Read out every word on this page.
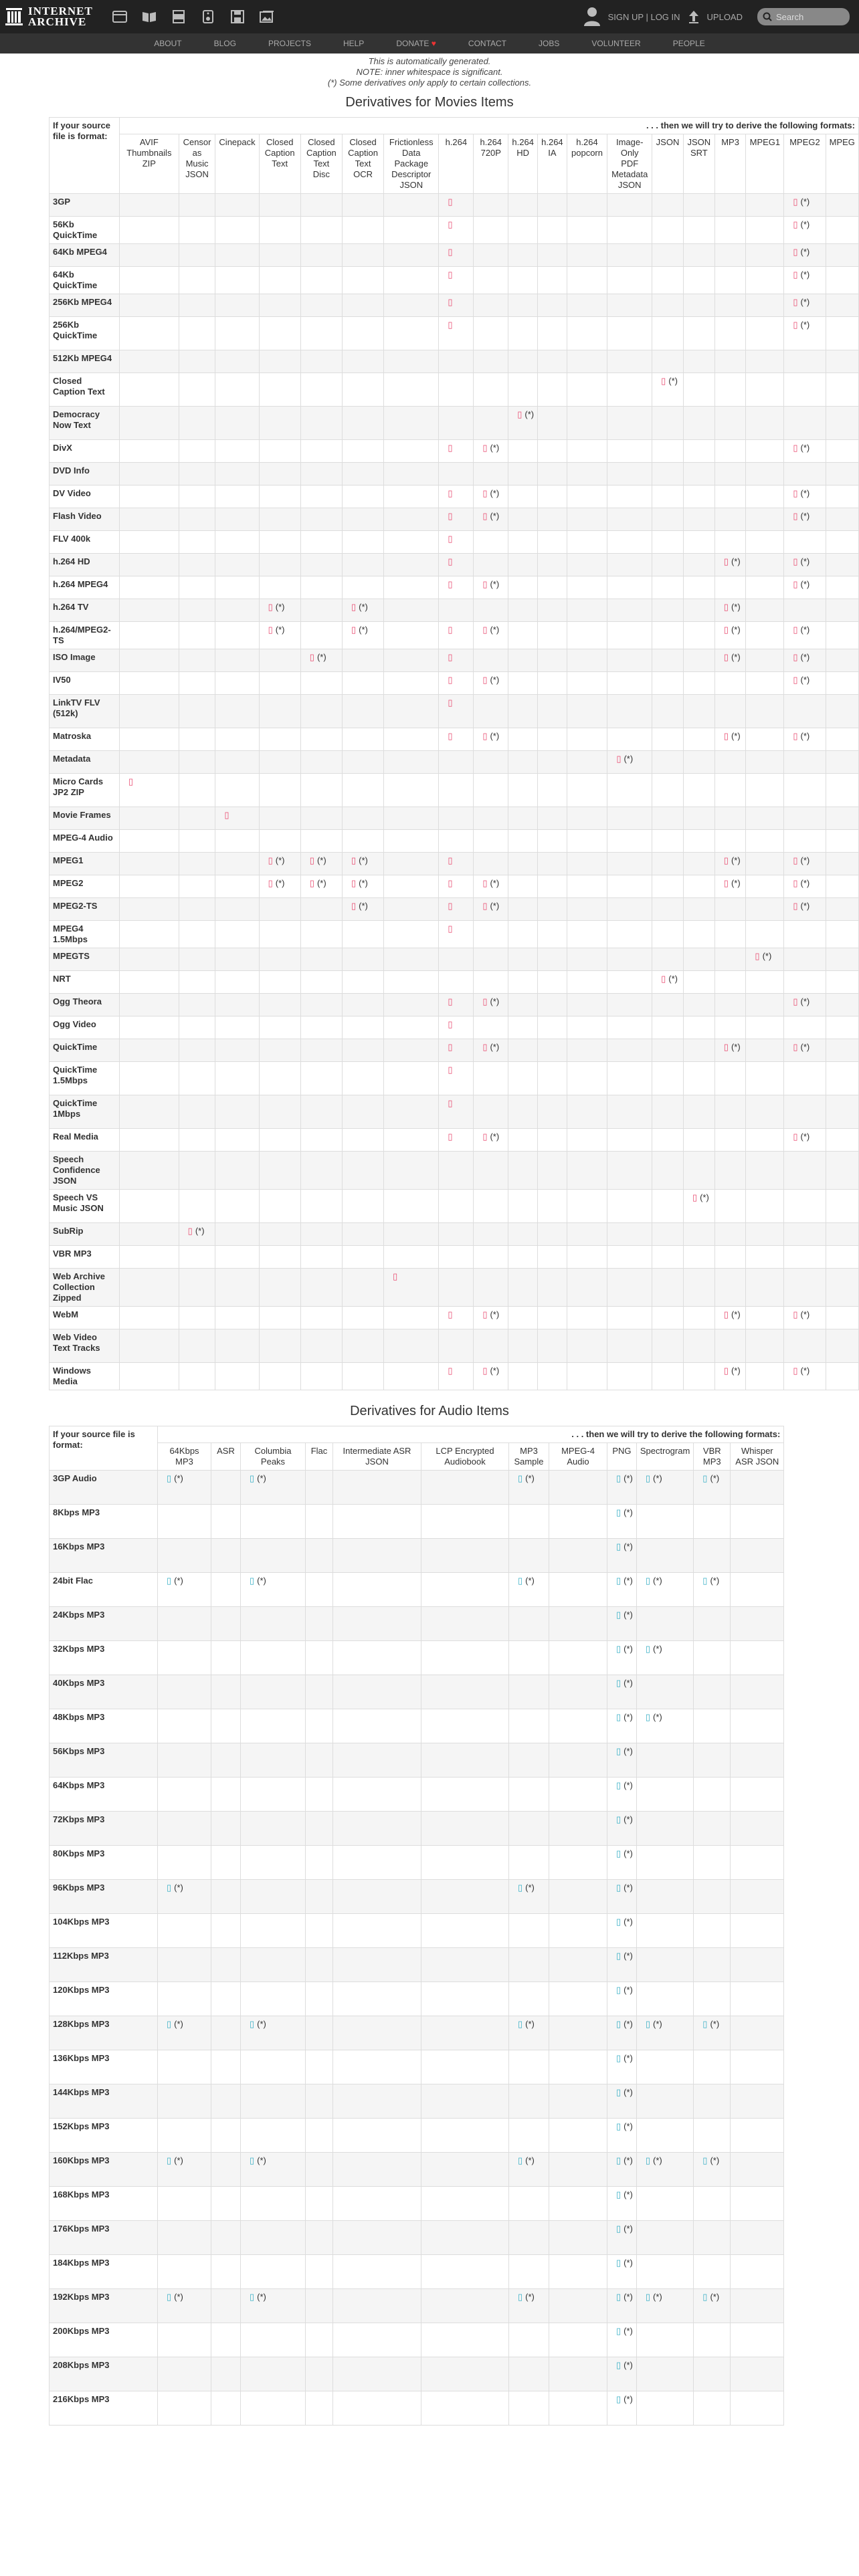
INTERNET
ARCHIVE	SIGN UP | LOG IN	UPLOAD	Search
ABOUT	BLOG	PROJECTS	HELP	DONATE ♥	CONTACT	JOBS	VOLUNTEER	PEOPLE
This is automatically generated.
NOTE: inner whitespace is significant.
(*) Some derivatives only apply to certain collections.
Derivatives for Movies Items
If your source file is format:	. . . then we will try to derive the following formats:																		
	AVIF Thumbnails ZIP	Censor as Music JSON	Cinepack	Closed Caption Text	Closed Caption Text Disc	Closed Caption Text OCR	Frictionless Data Package Descriptor JSON	h.264	h.264 720P	h.264 HD	h.264 IA	h.264 popcorn	Image-Only PDF Metadata JSON	JSON	JSON SRT	MP3	MPEG1	MPEG2	MPEG
3GP								▯										▯ (*)	
56Kb QuickTime								▯										▯ (*)	
64Kb MPEG4								▯										▯ (*)	
64Kb QuickTime								▯										▯ (*)	
256Kb MPEG4								▯										▯ (*)	
256Kb QuickTime								▯										▯ (*)	
512Kb MPEG4																			
Closed Caption Text														▯ (*)					
Democracy Now Text										▯ (*)									
DivX								▯	▯ (*)									▯ (*)	
DVD Info																			
DV Video								▯	▯ (*)									▯ (*)	
Flash Video								▯	▯ (*)									▯ (*)	
FLV 400k								▯											
h.264 HD								▯								▯ (*)		▯ (*)	
h.264 MPEG4								▯	▯ (*)									▯ (*)	
h.264 TV				▯ (*)		▯ (*)										▯ (*)			
h.264/MPEG2-TS				▯ (*)		▯ (*)		▯	▯ (*)							▯ (*)		▯ (*)	
ISO Image					▯ (*)			▯								▯ (*)		▯ (*)	
IV50								▯	▯ (*)									▯ (*)	
LinkTV FLV (512k)								▯											
Matroska								▯	▯ (*)							▯ (*)		▯ (*)	
Metadata													▯ (*)						
Micro Cards JP2 ZIP	▯																		
Movie Frames			▯																
MPEG-4 Audio																			
MPEG1				▯ (*)	▯ (*)	▯ (*)		▯								▯ (*)		▯ (*)	
MPEG2				▯ (*)	▯ (*)	▯ (*)		▯	▯ (*)							▯ (*)		▯ (*)	
MPEG2-TS						▯ (*)		▯	▯ (*)									▯ (*)	
MPEG4 1.5Mbps								▯											
MPEGTS																	▯ (*)		
NRT														▯ (*)					
Ogg Theora								▯	▯ (*)									▯ (*)	
Ogg Video								▯											
QuickTime								▯	▯ (*)							▯ (*)		▯ (*)	
QuickTime 1.5Mbps								▯											
QuickTime 1Mbps								▯											
Real Media								▯	▯ (*)									▯ (*)	
Speech Confidence JSON																			
Speech VS Music JSON															▯ (*)				
SubRip		▯ (*)																	
VBR MP3																			
Web Archive Collection Zipped							▯												
WebM								▯	▯ (*)							▯ (*)		▯ (*)	
Web Video Text Tracks																			
Windows Media								▯	▯ (*)							▯ (*)		▯ (*)	
Derivatives for Audio Items
If your source file is format:	. . . then we will try to derive the following formats:											
	64Kbps MP3	ASR	Columbia Peaks	Flac	Intermediate ASR JSON	LCP Encrypted Audiobook	MP3 Sample	MPEG-4 Audio	PNG	Spectrogram	VBR MP3	Whisper ASR JSON
3GP Audio	▯ (*)		▯ (*)				▯ (*)		▯ (*)	▯ (*)	▯ (*)	
8Kbps MP3									▯ (*)			
16Kbps MP3									▯ (*)			
24bit Flac	▯ (*)		▯ (*)				▯ (*)		▯ (*)	▯ (*)	▯ (*)	
24Kbps MP3									▯ (*)			
32Kbps MP3									▯ (*)	▯ (*)		
40Kbps MP3									▯ (*)			
48Kbps MP3									▯ (*)	▯ (*)		
56Kbps MP3									▯ (*)			
64Kbps MP3									▯ (*)			
72Kbps MP3									▯ (*)			
80Kbps MP3									▯ (*)			
96Kbps MP3	▯ (*)						▯ (*)		▯ (*)			
104Kbps MP3									▯ (*)			
112Kbps MP3									▯ (*)			
120Kbps MP3									▯ (*)			
128Kbps MP3	▯ (*)		▯ (*)				▯ (*)		▯ (*)	▯ (*)	▯ (*)	
136Kbps MP3									▯ (*)			
144Kbps MP3									▯ (*)			
152Kbps MP3									▯ (*)			
160Kbps MP3	▯ (*)		▯ (*)				▯ (*)		▯ (*)	▯ (*)	▯ (*)	
168Kbps MP3									▯ (*)			
176Kbps MP3									▯ (*)			
184Kbps MP3									▯ (*)			
192Kbps MP3	▯ (*)		▯ (*)				▯ (*)		▯ (*)	▯ (*)	▯ (*)	
200Kbps MP3									▯ (*)			
208Kbps MP3									▯ (*)			
216Kbps MP3									▯ (*)			
